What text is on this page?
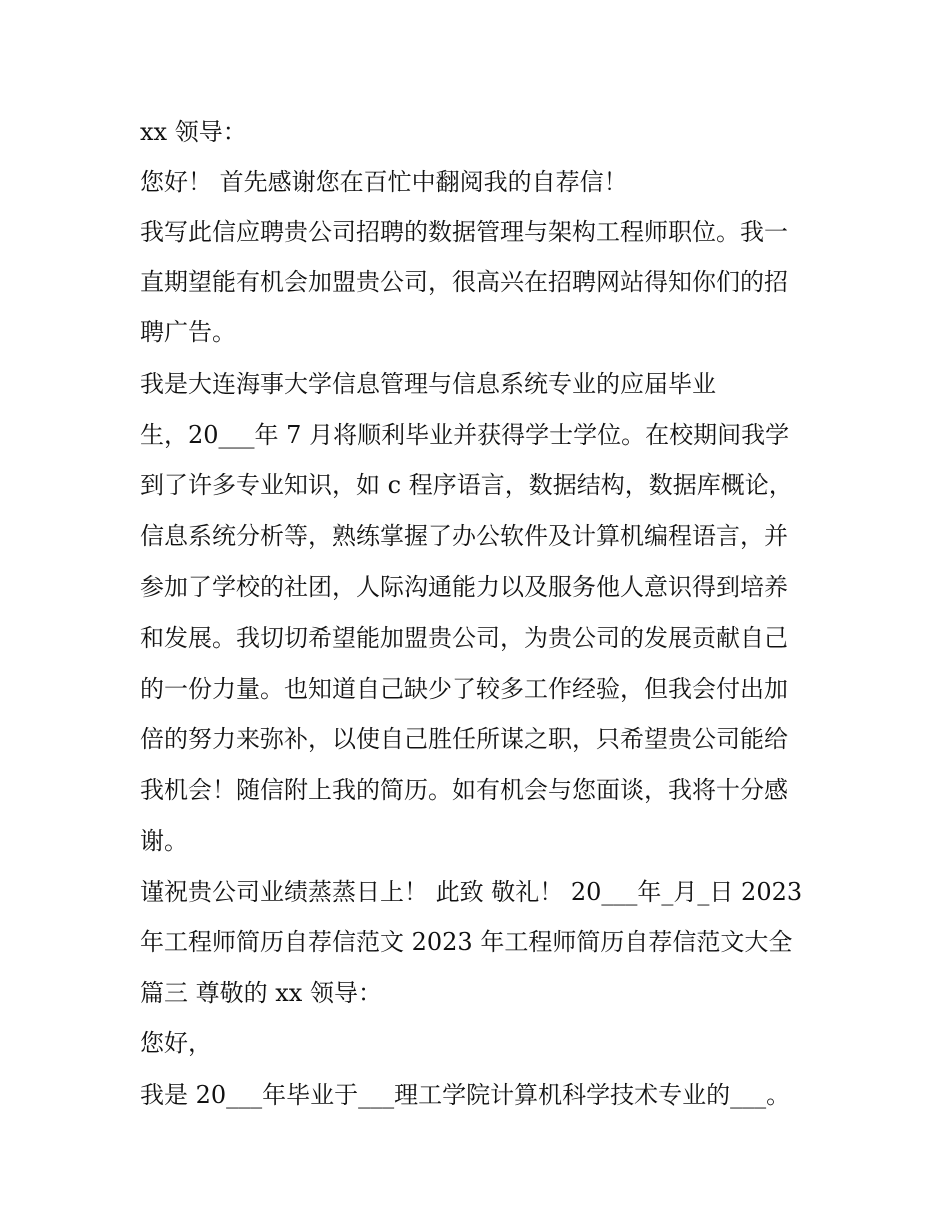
xx 领导：

您好！ 首先感谢您在百忙中翻阅我的自荐信！

我写此信应聘贵公司招聘的数据管理与架构工程师职位。我一

直期望能有机会加盟贵公司，很高兴在招聘网站得知你们的招

聘广告。

我是大连海事大学信息管理与信息系统专业的应届毕业

生，20___年 7 月将顺利毕业并获得学士学位。在校期间我学

到了许多专业知识，如 c 程序语言，数据结构，数据库概论，

信息系统分析等，熟练掌握了办公软件及计算机编程语言，并

参加了学校的社团，人际沟通能力以及服务他人意识得到培养

和发展。我切切希望能加盟贵公司，为贵公司的发展贡献自己

的一份力量。也知道自己缺少了较多工作经验，但我会付出加

倍的努力来弥补，以使自己胜任所谋之职，只希望贵公司能给

我机会！随信附上我的简历。如有机会与您面谈，我将十分感

谢。

谨祝贵公司业绩蒸蒸日上！ 此致 敬礼！ 20___年_月_日 2023

年工程师简历自荐信范文 2023 年工程师简历自荐信范文大全

篇三 尊敬的 xx 领导：

您好，

我是 20___年毕业于___理工学院计算机科学技术专业的___。
